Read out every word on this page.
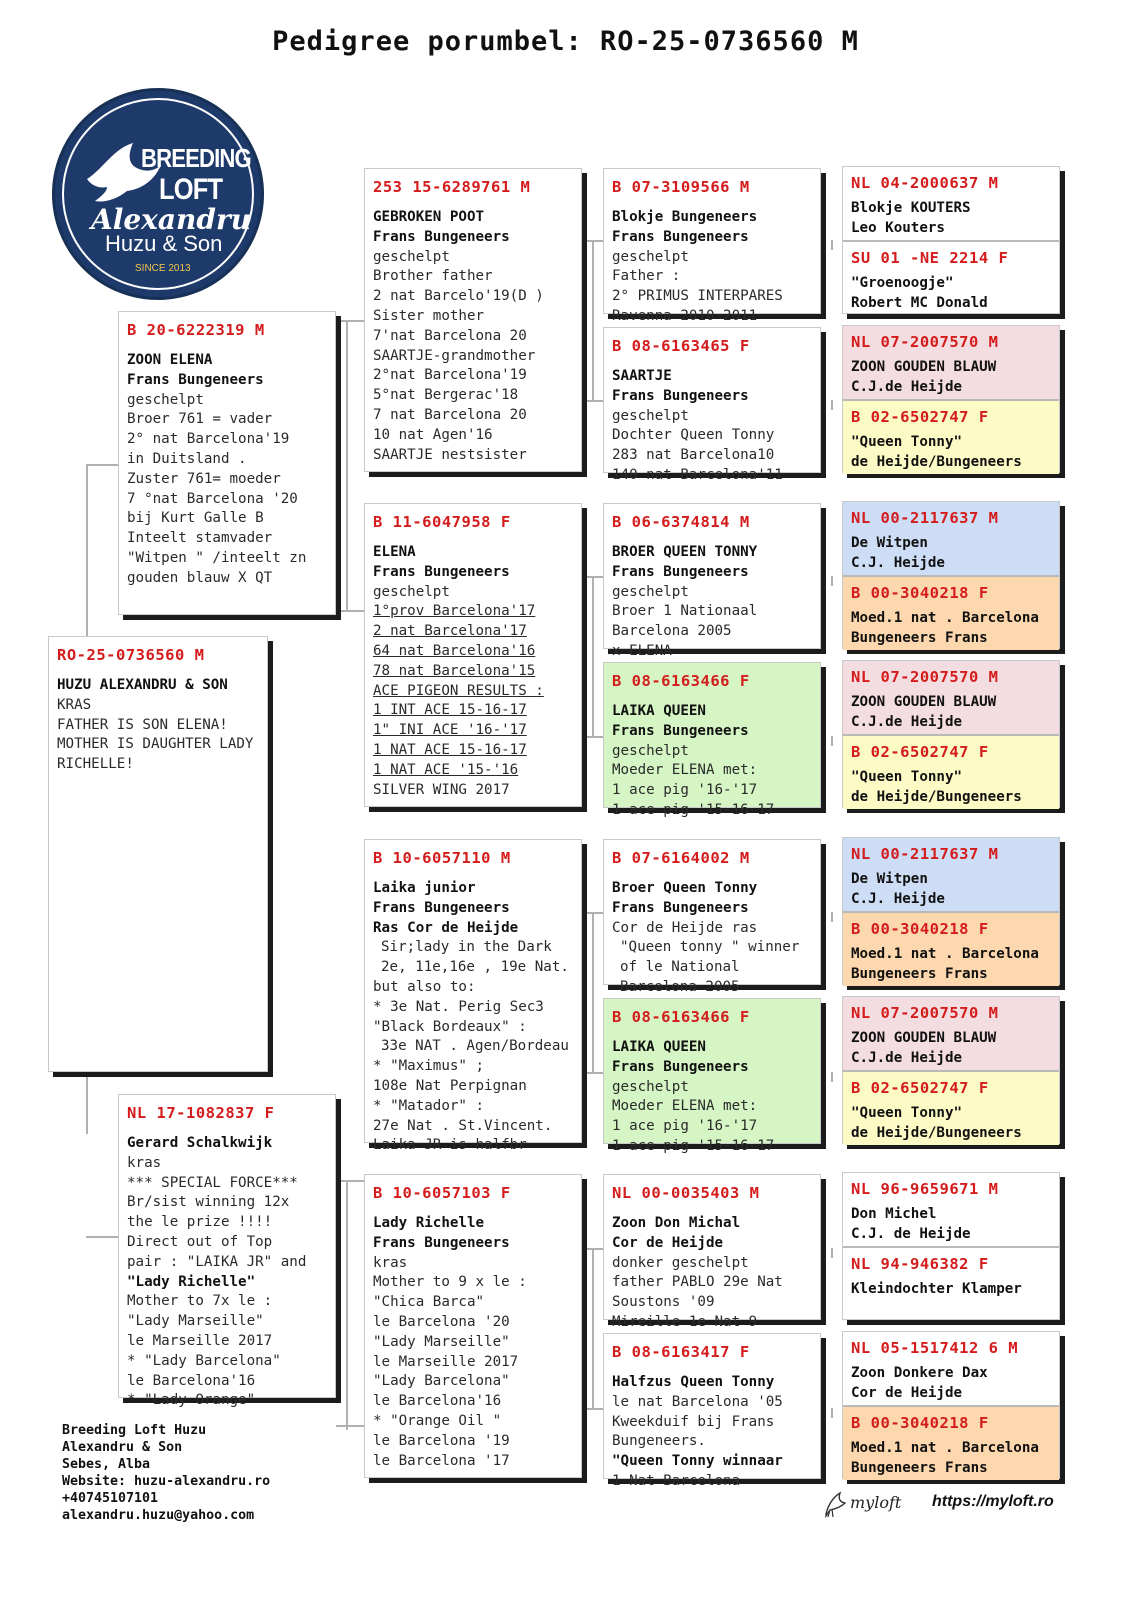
Pedigree porumbel: RO-25-0736560 M
BREEDING
LOFT
Alexandru
Huzu & Son
SINCE 2013
RO-25-0736560 M
HUZU ALEXANDRU & SON
KRAS
FATHER IS SON ELENA!
MOTHER IS DAUGHTER LADY
RICHELLE!
B 20-6222319 M
ZOON ELENA
Frans Bungeneers
geschelpt
Broer 761 = vader
2° nat Barcelona'19
in Duitsland .
Zuster 761= moeder
7 °nat Barcelona '20
bij Kurt Galle B
Inteelt stamvader
"Witpen " /inteelt zn
gouden blauw X QT
NL 17-1082837 F
Gerard Schalkwijk
kras
*** SPECIAL FORCE***
Br/sist winning 12x
the le prize !!!!
Direct out of Top
pair : "LAIKA JR" and
"Lady Richelle"
Mother to 7x le :
"Lady Marseille"
le Marseille 2017
* "Lady Barcelona"
le Barcelona'16
* "Lady Orange"
253 15-6289761 M
GEBROKEN POOT
Frans Bungeneers
geschelpt
Brother father
2 nat Barcelo'19(D )
Sister mother
7'nat Barcelona 20
SAARTJE-grandmother
2°nat Barcelona'19
5°nat Bergerac'18
7 nat Barcelona 20
10 nat Agen'16
SAARTJE nestsister
B 11-6047958 F
ELENA
Frans Bungeneers
geschelpt
1°prov Barcelona'17
2 nat Barcelona'17
64 nat Barcelona'16
78 nat Barcelona'15
ACE PIGEON RESULTS :
1 INT ACE 15-16-17
1" INI ACE '16-'17
1 NAT ACE 15-16-17
1 NAT ACE '15-'16
SILVER WING 2017
B 10-6057110 M
Laika junior
Frans Bungeneers
Ras Cor de Heijde
Sir;lady in the Dark
2e, 11e,16e , 19e Nat.
but also to:
* 3e Nat. Perig Sec3
"Black Bordeaux" :
33e NAT . Agen/Bordeau
* "Maximus" ;
108e Nat Perpignan
* "Matador" :
27e Nat . St.Vincent.
Laika JR is halfbr
B 10-6057103 F
Lady Richelle
Frans Bungeneers
kras
Mother to 9 x le :
"Chica Barca"
le Barcelona '20
"Lady Marseille"
le Marseille 2017
"Lady Barcelona"
le Barcelona'16
* "Orange Oil "
le Barcelona '19
le Barcelona '17
B 07-3109566 M
Blokje Bungeneers
Frans Bungeneers
geschelpt
Father :
2° PRIMUS INTERPARES
Ravenna 2010-2011
B 08-6163465 F
SAARTJE
Frans Bungeneers
geschelpt
Dochter Queen Tonny
283 nat Barcelona10
140 nat Barcelona'11
B 06-6374814 M
BROER QUEEN TONNY
Frans Bungeneers
geschelpt
Broer 1 Nationaal
Barcelona 2005
x ELENA
B 08-6163466 F
LAIKA QUEEN
Frans Bungeneers
geschelpt
Moeder ELENA met:
1 ace pig '16-'17
1 ace pig '15-16-17
B 07-6164002 M
Broer Queen Tonny
Frans Bungeneers
Cor de Heijde ras
"Queen tonny " winner
of le National
Barcelona 2005
B 08-6163466 F
LAIKA QUEEN
Frans Bungeneers
geschelpt
Moeder ELENA met:
1 ace pig '16-'17
1 ace pig '15-16-17
NL 00-0035403 M
Zoon Don Michal
Cor de Heijde
donker geschelpt
father PABLO 29e Nat
Soustons '09
Mireille 1e Nat 9
B 08-6163417 F
Halfzus Queen Tonny
le nat Barcelona '05
Kweekduif bij Frans
Bungeneers.
"Queen Tonny winnaar
1 Nat Barcelona
NL 04-2000637 M
Blokje KOUTERS
Leo Kouters
SU 01 -NE 2214 F
"Groenoogje"
Robert MC Donald
NL 07-2007570 M
ZOON GOUDEN BLAUW
C.J.de Heijde
B 02-6502747 F
"Queen Tonny"
de Heijde/Bungeneers
NL 00-2117637 M
De Witpen
C.J. Heijde
B 00-3040218 F
Moed.1 nat . Barcelona
Bungeneers Frans
NL 07-2007570 M
ZOON GOUDEN BLAUW
C.J.de Heijde
B 02-6502747 F
"Queen Tonny"
de Heijde/Bungeneers
NL 00-2117637 M
De Witpen
C.J. Heijde
B 00-3040218 F
Moed.1 nat . Barcelona
Bungeneers Frans
NL 07-2007570 M
ZOON GOUDEN BLAUW
C.J.de Heijde
B 02-6502747 F
"Queen Tonny"
de Heijde/Bungeneers
NL 96-9659671 M
Don Michel
C.J. de Heijde
NL 94-946382 F
Kleindochter Klamper
NL 05-1517412 6 M
Zoon Donkere Dax
Cor de Heijde
B 00-3040218 F
Moed.1 nat . Barcelona
Bungeneers Frans
Breeding Loft Huzu
Alexandru & Son
Sebes, Alba
Website: huzu-alexandru.ro
+40745107101
alexandru.huzu@yahoo.com
myloft https://myloft.ro
